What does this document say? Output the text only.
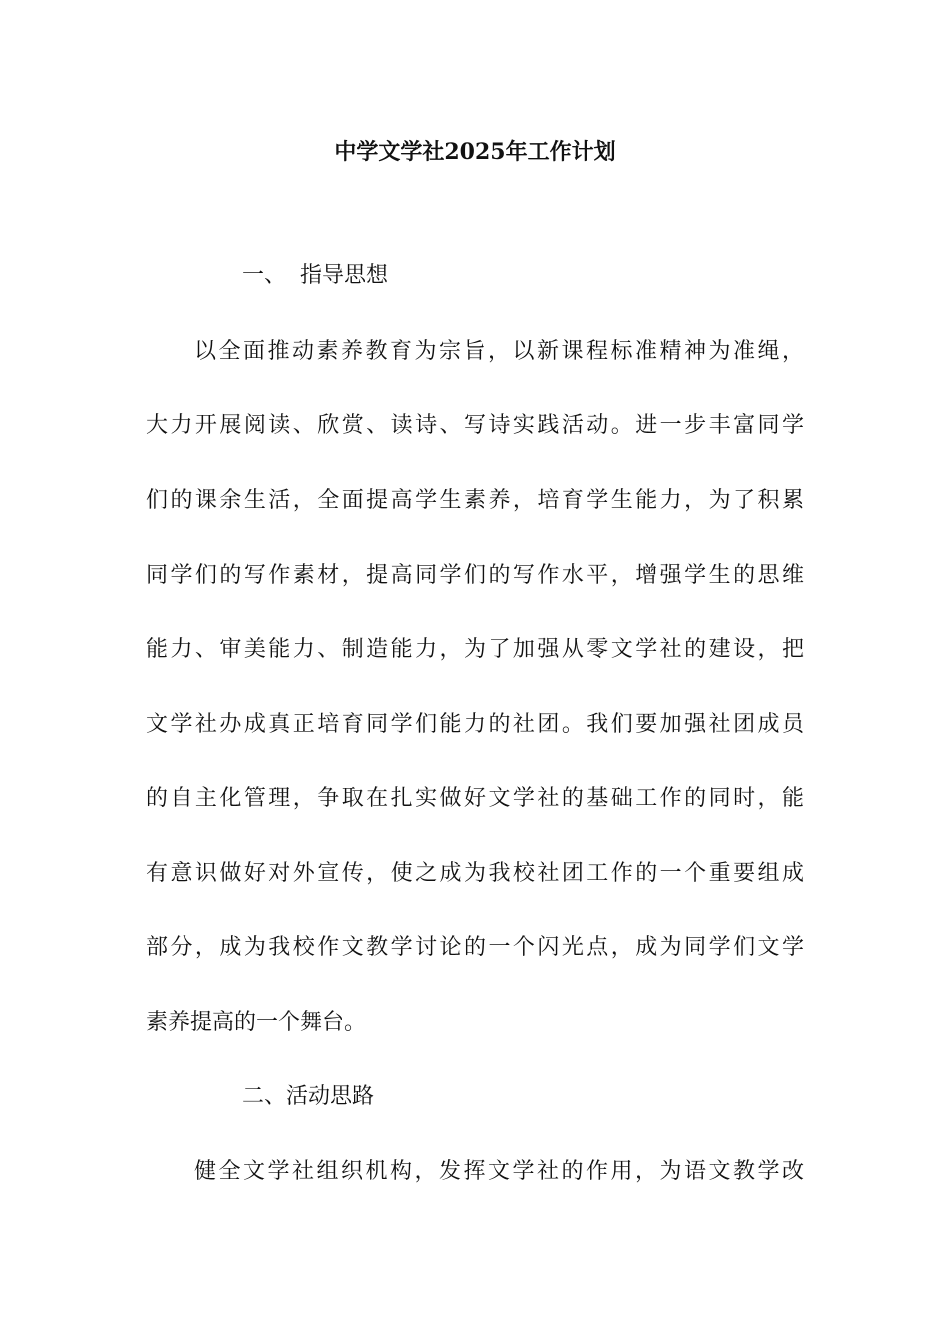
中学文学社2025年工作计划
一、 指导思想
以全面推动素养教育为宗旨，以新课程标准精神为准绳，
大力开展阅读、欣赏、读诗、写诗实践活动。进一步丰富同学
们的课余生活，全面提高学生素养，培育学生能力，为了积累
同学们的写作素材，提高同学们的写作水平，增强学生的思维
能力、审美能力、制造能力，为了加强从零文学社的建设，把
文学社办成真正培育同学们能力的社团。我们要加强社团成员
的自主化管理，争取在扎实做好文学社的基础工作的同时，能
有意识做好对外宣传，使之成为我校社团工作的一个重要组成
部分，成为我校作文教学讨论的一个闪光点，成为同学们文学
素养提高的一个舞台。
二、活动思路
健全文学社组织机构，发挥文学社的作用，为语文教学改
